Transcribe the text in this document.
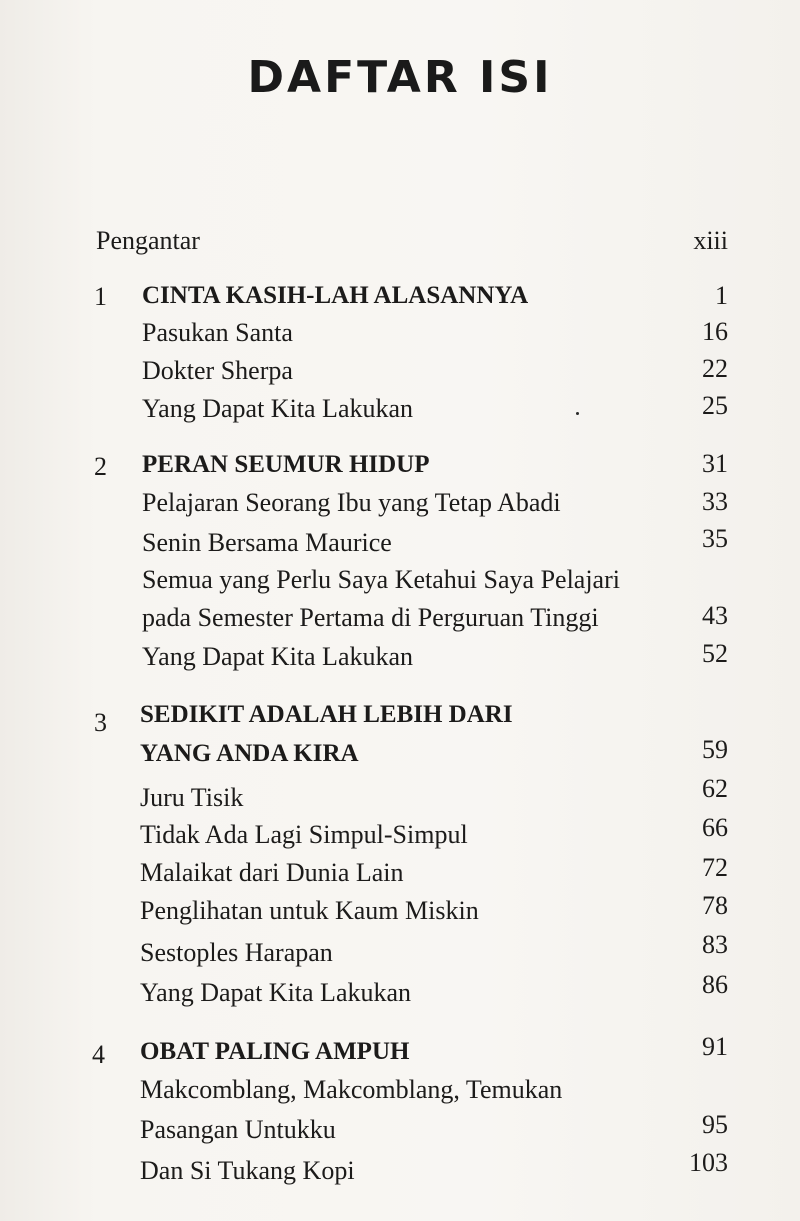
DAFTAR ISI
Pengantar	xiii
1 CINTA KASIH-LAH ALASANNYA	1
Pasukan Santa	16
Dokter Sherpa	22
Yang Dapat Kita Lakukan	25
2 PERAN SEUMUR HIDUP	31
Pelajaran Seorang Ibu yang Tetap Abadi	33
Senin Bersama Maurice	35
Semua yang Perlu Saya Ketahui Saya Pelajari
pada Semester Pertama di Perguruan Tinggi	43
Yang Dapat Kita Lakukan	52
3 SEDIKIT ADALAH LEBIH DARI
YANG ANDA KIRA	59
Juru Tisik	62
Tidak Ada Lagi Simpul-Simpul	66
Malaikat dari Dunia Lain	72
Penglihatan untuk Kaum Miskin	78
Sestoples Harapan	83
Yang Dapat Kita Lakukan	86
4 OBAT PALING AMPUH	91
Makcomblang, Makcomblang, Temukan
Pasangan Untukku	95
Dan Si Tukang Kopi	103
